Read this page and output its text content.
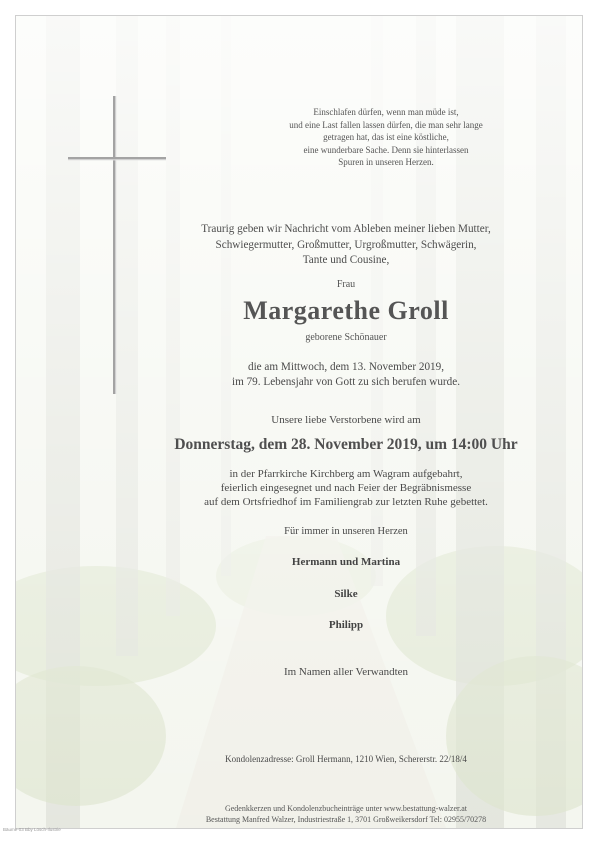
Einschlafen dürfen, wenn man müde ist,
und eine Last fallen lassen dürfen, die man sehr lange
getragen hat, das ist eine köstliche,
eine wunderbare Sache. Denn sie hinterlassen
Spuren in unseren Herzen.
Traurig geben wir Nachricht vom Ableben meiner lieben Mutter,
Schwiegermutter, Großmutter, Urgroßmutter, Schwägerin,
Tante und Cousine,
Frau
Margarethe Groll
geborene Schönauer
die am Mittwoch, dem 13. November 2019,
im 79. Lebensjahr von Gott zu sich berufen wurde.
Unsere liebe Verstorbene wird am
Donnerstag, dem 28. November 2019, um 14:00 Uhr
in der Pfarrkirche Kirchberg am Wagram aufgebahrt,
feierlich eingesegnet und nach Feier der Begräbnismesse
auf dem Ortsfriedhof im Familiengrab zur letzten Ruhe gebettet.
Für immer in unseren Herzen
Hermann und Martina
Silke
Philipp
Im Namen aller Verwandten
Kondolenzadresse: Groll Hermann, 1210 Wien, Schererstr. 22/18/4
Gedenkkerzen und Kondolenzbucheinträge unter www.bestattung-walzer.at
Bestattung Manfred Walzer, Industriestraße 1, 3701 Großweikersdorf Tel: 02955/70278
Bäume-03 Bby Lösch-Ilustrie
